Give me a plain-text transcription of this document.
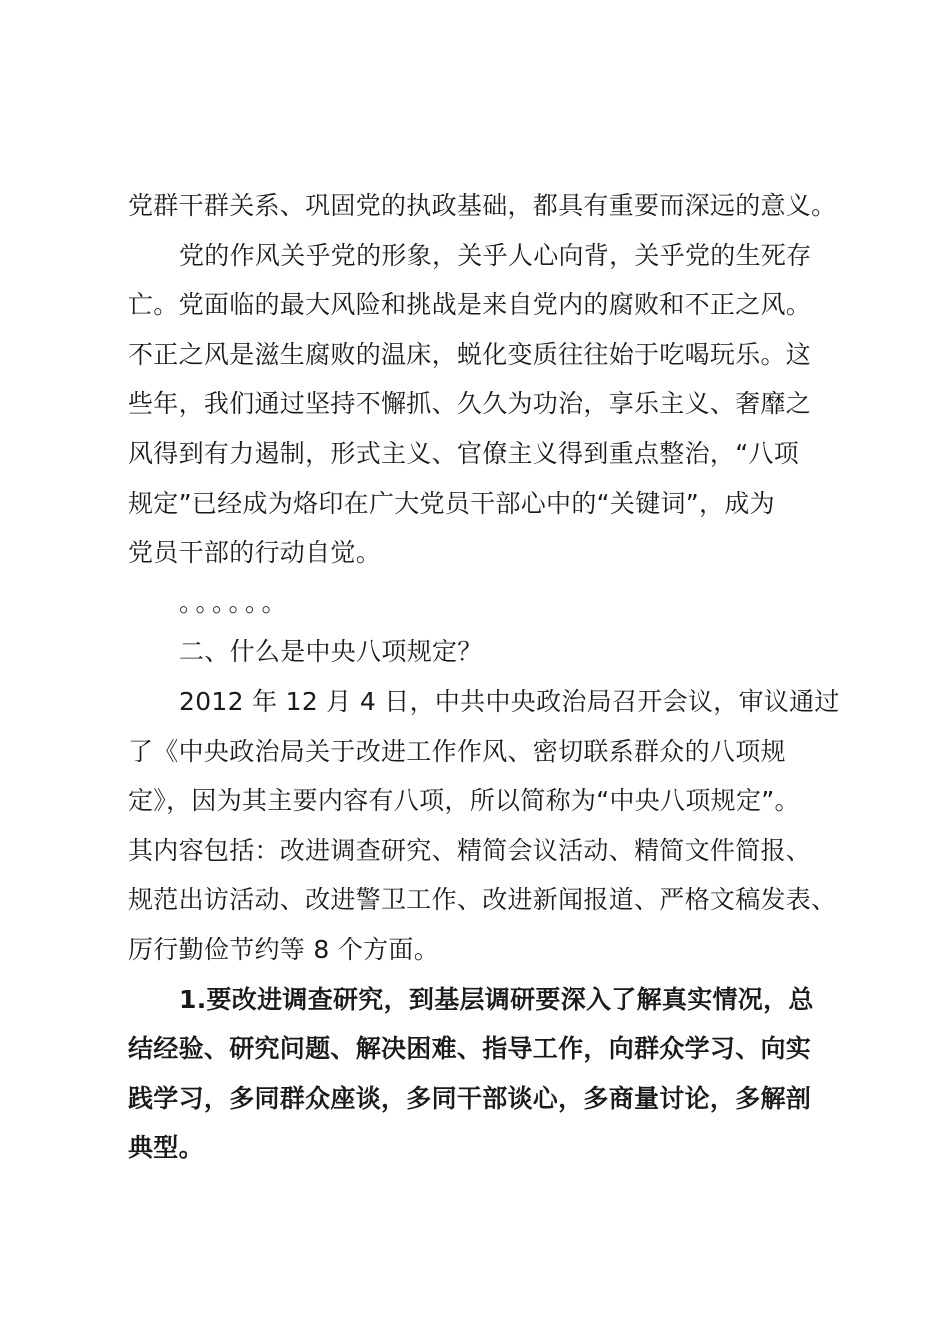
党群干群关系、巩固党的执政基础，都具有重要而深远的意义。
党的作风关乎党的形象，关乎人心向背，关乎党的生死存
亡。党面临的最大风险和挑战是来自党内的腐败和不正之风。
不正之风是滋生腐败的温床，蜕化变质往往始于吃喝玩乐。这
些年，我们通过坚持不懈抓、久久为功治，享乐主义、奢靡之
风得到有力遏制，形式主义、官僚主义得到重点整治，“八项
规定”已经成为烙印在广大党员干部心中的“关键词”，成为
党员干部的行动自觉。
。。。。。。
二、什么是中央八项规定？
2012 年 12 月 4 日，中共中央政治局召开会议，审议通过
了《中央政治局关于改进工作作风、密切联系群众的八项规
定》，因为其主要内容有八项，所以简称为“中央八项规定”。
其内容包括：改进调查研究、精简会议活动、精简文件简报、
规范出访活动、改进警卫工作、改进新闻报道、严格文稿发表、
厉行勤俭节约等 8 个方面。
1.要改进调查研究，到基层调研要深入了解真实情况，总
结经验、研究问题、解决困难、指导工作，向群众学习、向实
践学习，多同群众座谈，多同干部谈心，多商量讨论，多解剖
典型。
